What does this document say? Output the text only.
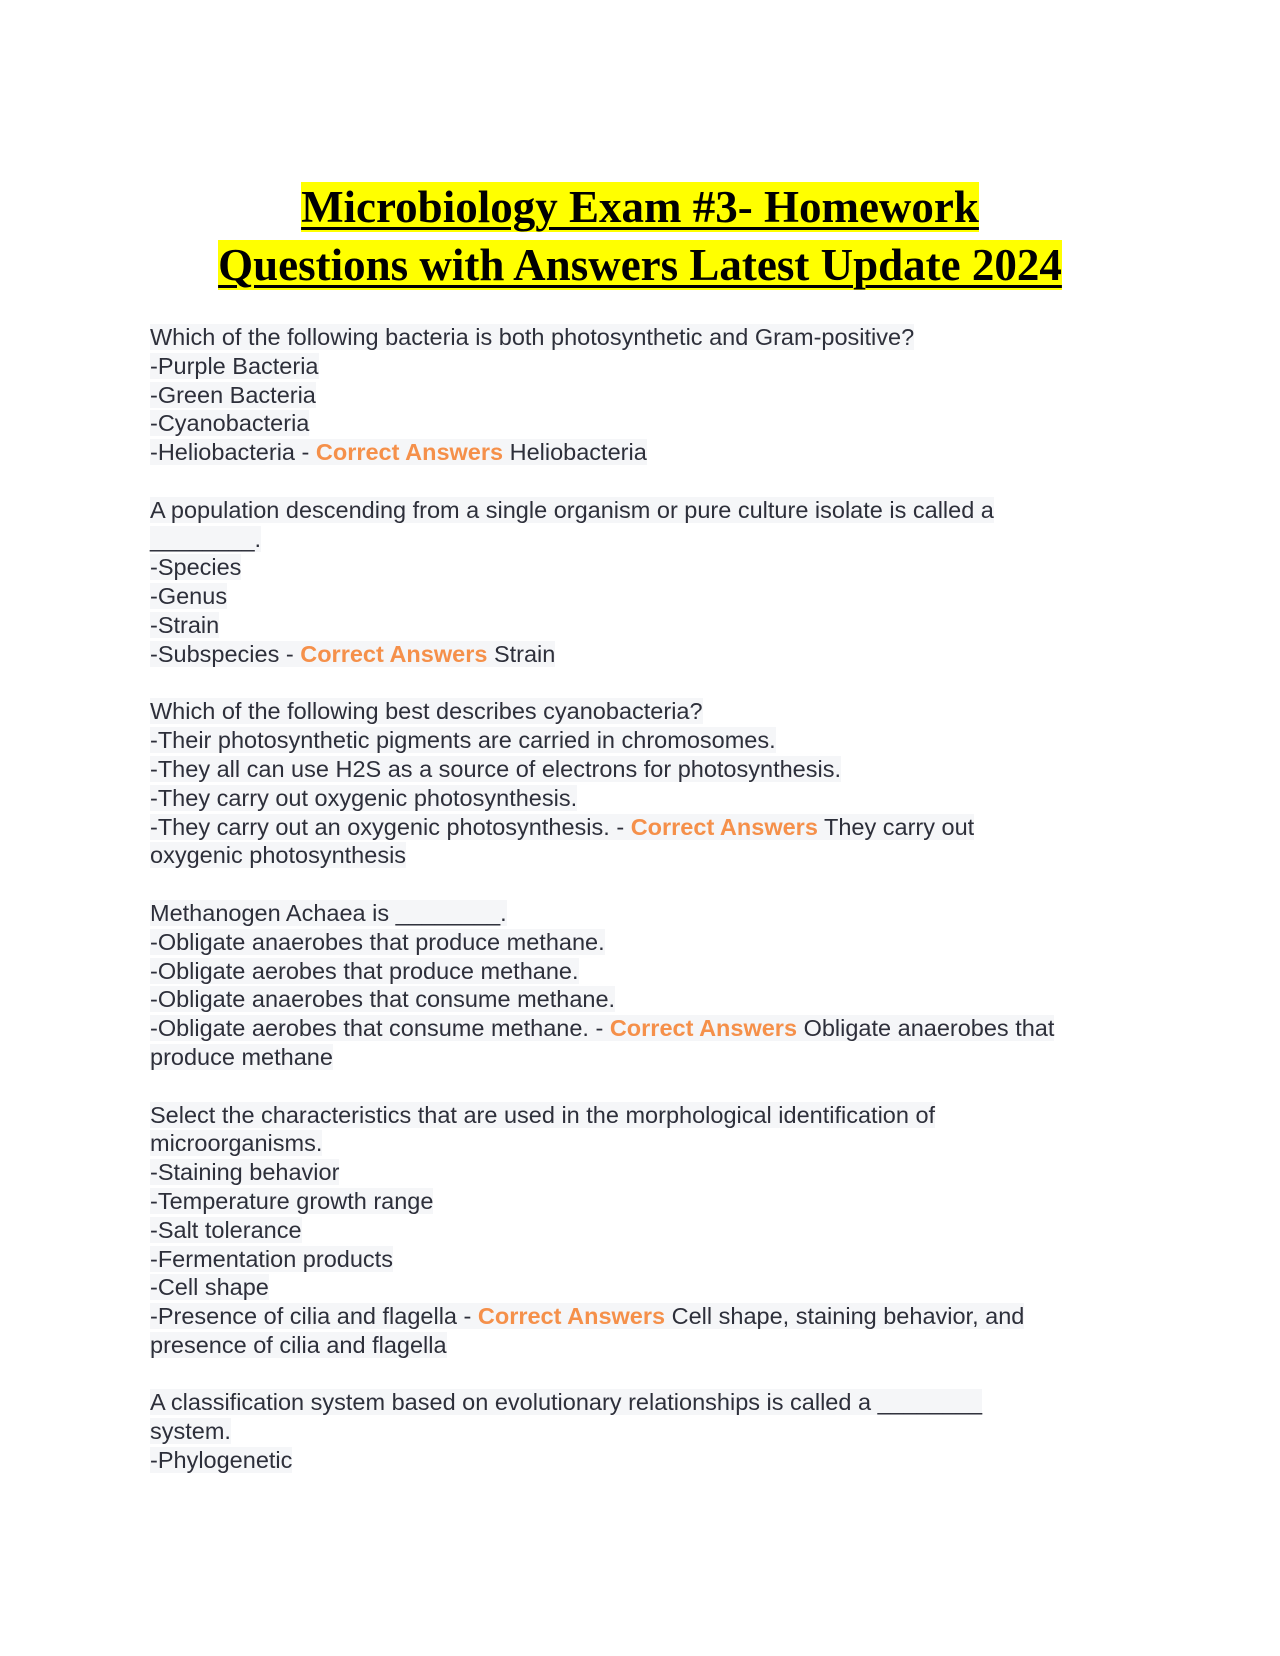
Microbiology Exam #3- Homework
Questions with Answers Latest Update 2024
Which of the following bacteria is both photosynthetic and Gram-positive?
-Purple Bacteria
-Green Bacteria
-Cyanobacteria
-Heliobacteria - Correct Answers Heliobacteria
A population descending from a single organism or pure culture isolate is called a
________.
-Species
-Genus
-Strain
-Subspecies - Correct Answers Strain
Which of the following best describes cyanobacteria?
-Their photosynthetic pigments are carried in chromosomes.
-They all can use H2S as a source of electrons for photosynthesis.
-They carry out oxygenic photosynthesis.
-They carry out an oxygenic photosynthesis. - Correct Answers They carry out
oxygenic photosynthesis
Methanogen Achaea is ________.
-Obligate anaerobes that produce methane.
-Obligate aerobes that produce methane.
-Obligate anaerobes that consume methane.
-Obligate aerobes that consume methane. - Correct Answers Obligate anaerobes that
produce methane
Select the characteristics that are used in the morphological identification of
microorganisms.
-Staining behavior
-Temperature growth range
-Salt tolerance
-Fermentation products
-Cell shape
-Presence of cilia and flagella - Correct Answers Cell shape, staining behavior, and
presence of cilia and flagella
A classification system based on evolutionary relationships is called a ________
system.
-Phylogenetic
